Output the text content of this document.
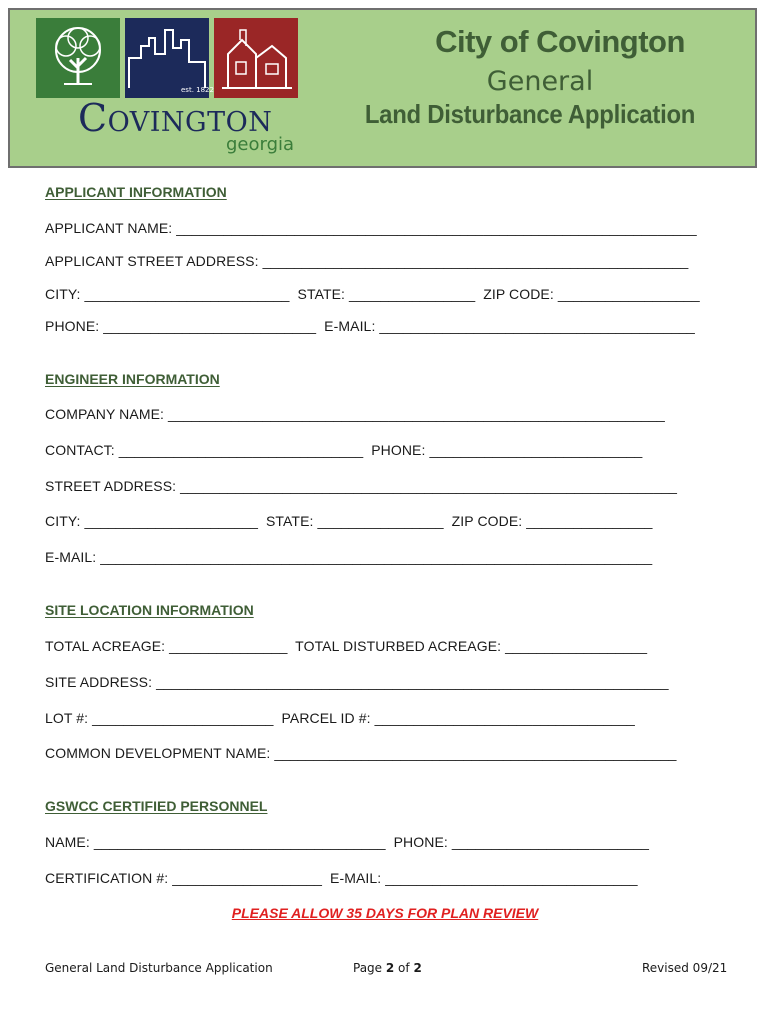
est. 1822
Covington
georgia
City of Covington
General
Land Disturbance Application
APPLICANT INFORMATION
APPLICANT NAME: __________________________________________________________________
APPLICANT STREET ADDRESS: ______________________________________________________
CITY: __________________________  STATE: ________________  ZIP CODE: __________________
PHONE: ___________________________  E-MAIL: ________________________________________
ENGINEER INFORMATION
COMPANY NAME: _______________________________________________________________
CONTACT: _______________________________  PHONE: ___________________________
STREET ADDRESS: _______________________________________________________________
CITY: ______________________  STATE: ________________  ZIP CODE: ________________
E-MAIL: ______________________________________________________________________
SITE LOCATION INFORMATION
TOTAL ACREAGE: _______________  TOTAL DISTURBED ACREAGE: __________________
SITE ADDRESS: _________________________________________________________________
LOT #: _______________________  PARCEL ID #: _________________________________
COMMON DEVELOPMENT NAME: ___________________________________________________
GSWCC CERTIFIED PERSONNEL
NAME: _____________________________________  PHONE: _________________________
CERTIFICATION #: ___________________  E-MAIL: ________________________________
PLEASE ALLOW 35 DAYS FOR PLAN REVIEW
General Land Disturbance Application	Page 2 of 2	Revised 09/21
